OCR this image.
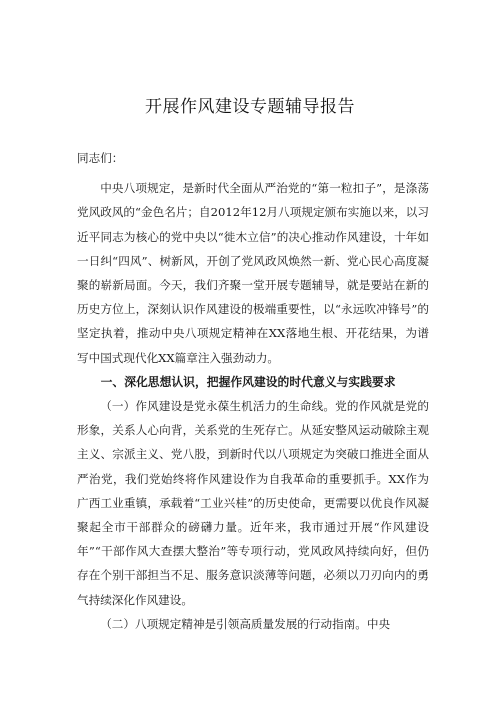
开展作风建设专题辅导报告

同志们：

中央八项规定，是新时代全面从严治党的“第一粒扣子”，是涤荡党风政风的“金色名片；自2012年12月八项规定颁布实施以来，以习近平同志为核心的党中央以“徙木立信”的决心推动作风建设，十年如一日纠“四风”、树新风，开创了党风政风焕然一新、党心民心高度凝聚的崭新局面。今天，我们齐聚一堂开展专题辅导，就是要站在新的历史方位上，深刻认识作风建设的极端重要性，以“永远吹冲锋号”的坚定执着，推动中央八项规定精神在XX落地生根、开花结果，为谱写中国式现代化XX篇章注入强劲动力。

一、深化思想认识，把握作风建设的时代意义与实践要求

（一）作风建设是党永葆生机活力的生命线。党的作风就是党的形象，关系人心向背，关系党的生死存亡。从延安整风运动破除主观主义、宗派主义、党八股，到新时代以八项规定为突破口推进全面从严治党，我们党始终将作风建设作为自我革命的重要抓手。XX作为广西工业重镇，承载着“工业兴桂”的历史使命，更需要以优良作风凝聚起全市干部群众的磅礴力量。近年来，我市通过开展“作风建设年”“干部作风大查摆大整治”等专项行动，党风政风持续向好，但仍存在个别干部担当不足、服务意识淡薄等问题，必须以刀刃向内的勇气持续深化作风建设。

（二）八项规定精神是引领高质量发展的行动指南。中央
